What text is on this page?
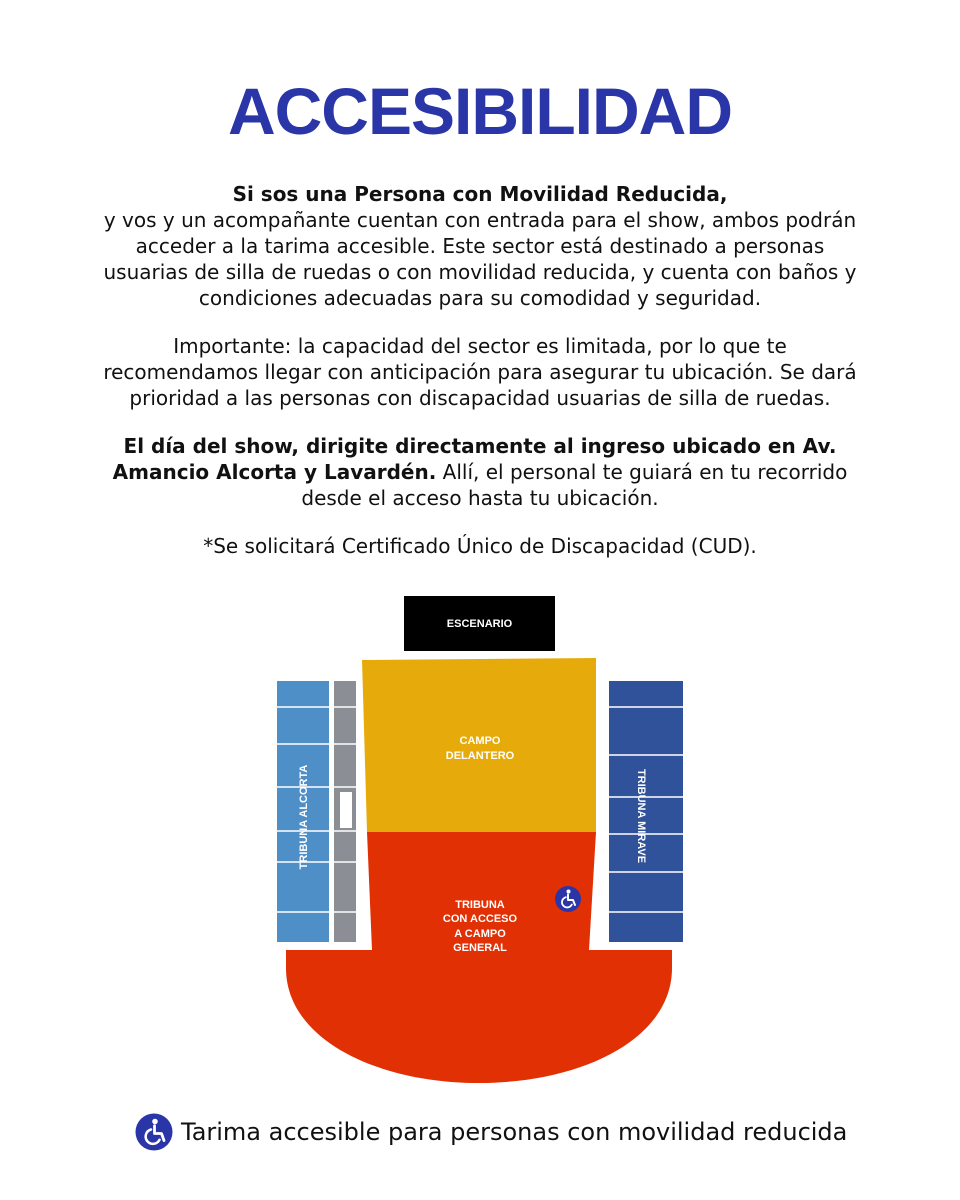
ACCESIBILIDAD
Si sos una Persona con Movilidad Reducida,
y vos y un acompañante cuentan con entrada para el show, ambos podrán
acceder a la tarima accesible. Este sector está destinado a personas
usuarias de silla de ruedas o con movilidad reducida, y cuenta con baños y
condiciones adecuadas para su comodidad y seguridad.
Importante: la capacidad del sector es limitada, por lo que te
recomendamos llegar con anticipación para asegurar tu ubicación. Se dará
prioridad a las personas con discapacidad usuarias de silla de ruedas.
El día del show, dirigite directamente al ingreso ubicado en Av.
Amancio Alcorta y Lavardén. Allí, el personal te guiará en tu recorrido
desde el acceso hasta tu ubicación.
*Se solicitará Certificado Único de Discapacidad (CUD).
ESCENARIO
TRIBUNA ALCORTA	TRIBUNA MIRAVE
CAMPO
DELANTERO
TRIBUNA
CON ACCESO
A CAMPO
GENERAL
Tarima accesible para personas con movilidad reducida
